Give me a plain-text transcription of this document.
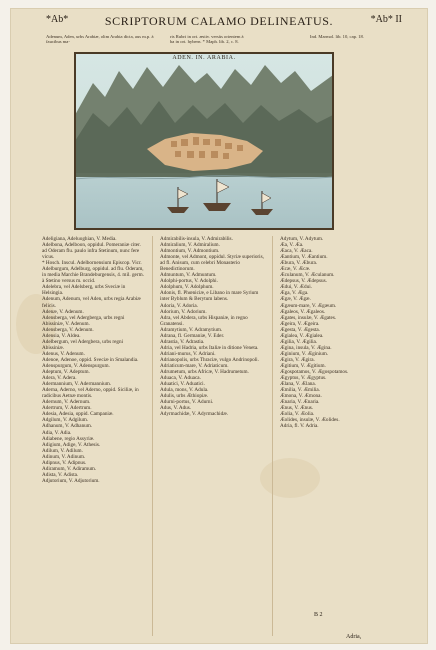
*Ab*	SCRIPTORUM CALAMO DELINEATUS.	*Ab* II
Adenum, Aden, urbs Arabiæ, olim Arabia dicta, aus m.p. à faucibus ma-
ris Rubri in ort. æstiv. versùs orientem à
ba in ort. hybern. * Maph. lib. 2, c. 8.
Ind. Marmol. lib. 10, cap. 18.
ADEN. IN. ARABIA.
Adeligiana, Adeluoghian, V. Media.
Adelbona, Adelboon, oppidul. Pomeraniæ citer. ad Oderam flu. paulo infra Stetinum, nunc fere vicus.
* Hosch. Inscul. Adelbornensium Episcop. Vicr.
Adelburgum, Adelburg, oppidul. ad flu. Oderam, in media Marchie Brandeburgensis, 4. mil. germ. à Stetino versus m. occid.
Adelebra, vel Adelsberg, urbs Sveciæ in Helsingia.
Adenum, Adenum, vel Aden, urbs regia Arabiæ felicis.
Adenæ, V. Adenum.
Adensberga, vel Adergberga, urbs regni Abissiniæ, V. Adenum.
Adensberga, V. Adenum.
Adensia, V. Aldea.
Adelbergum, vel Adergbera, urbs regni Abissiniæ.
Adenus, V. Adenum.
Adenoe, Adenoe, oppid. Sveciæ in Smalandia.
Adenspurgum, V. Adenspurgum.
Adeptum, V. Adeptum.
Adera, V. Adera.
Adermannium, V. Adermannium.
Aderna, Aderno, vel Aderno, oppid. Siciliæ, in radicibus Aetnæ montis.
Adernum, V. Adernum.
Adertrum, V. Adertrum.
Adesia, Adesia, oppid. Campaniæ.
Adgilum, V. Adgilum.
Adhanum, V. Adhanum.
Adia, V. Adia.
Adiabene, regio Assyriæ.
Adigium, Adige, V. Athesis.
Adilum, V. Adilum.
Adinum, V. Adinum.
Adipnus, V. Adipnus.
Adiramum, V. Adiramum.
Adista, V. Adista.
Adjutorium, V. Adjutorium.
Admirabilis-insula, V. Admirabilis.
Admiralium, V. Admiralium.
Admontium, V. Admontium.
Admonte, vel Admont, oppidul. Styriæ superioris, ad fl. Anisum, cum celebri Monasterio Benedictinorum.
Admuntum, V. Admuntum.
Adolphi-portus, V. Adolphi.
Adolphum, V. Adolphum.
Adonis, fl. Phœniciæ, e Libano in mare Syrium inter Byblum & Berytum labens.
Adoria, V. Adoria.
Adorium, V. Adorium.
Adra, vel Abdera, urbs Hispaniæ, in regno Granatensi.
Adramytium, V. Adramytium.
Adrana, fl. Germaniæ, V. Eder.
Adrastia, V. Adrastia.
Adria, vel Hadria, urbs Italiæ in ditione Veneta.
Adriani-murus, V. Adriani.
Adrianopolis, urbs Thraciæ, vulgo Andrinopoli.
Adriaticum-mare, V. Adriaticum.
Adrumetum, urbs Africæ, V. Hadrumetum.
Aduaca, V. Aduaca.
Aduatici, V. Aduatici.
Adula, mons, V. Adula.
Adulis, urbs Æthiopiæ.
Adurni-portus, V. Adurni.
Adus, V. Adus.
Adyrmachidæ, V. Adyrmachidæ.
Adytum, V. Adytum.
Æa, V. Æa.
Æaca, V. Æaca.
Æantium, V. Æantium.
Æbura, V. Æbura.
Æcæ, V. Æcæ.
Æculanum, V. Æculanum.
Ædepsus, V. Ædepsus.
Ædui, V. Ædui.
Æga, V. Æga.
Ægæ, V. Ægæ.
Ægæum-mare, V. Ægæum.
Ægaleos, V. Ægaleos.
Ægates, insulæ, V. Ægates.
Ægeira, V. Ægeira.
Ægesta, V. Ægesta.
Ægialea, V. Ægialea.
Ægilia, V. Ægilia.
Ægina, insula, V. Ægina.
Æginium, V. Æginium.
Ægira, V. Ægira.
Ægitium, V. Ægitium.
Ægospotamos, V. Ægospotamos.
Ægyptus, V. Ægyptus.
Ælana, V. Ælana.
Æmilia, V. Æmilia.
Æmona, V. Æmona.
Ænaria, V. Ænaria.
Ænus, V. Ænus.
Æolia, V. Æolia.
Æolides, insulæ, V. Æolides.
Adria, fl. V. Adria.
B 2
Adria,
